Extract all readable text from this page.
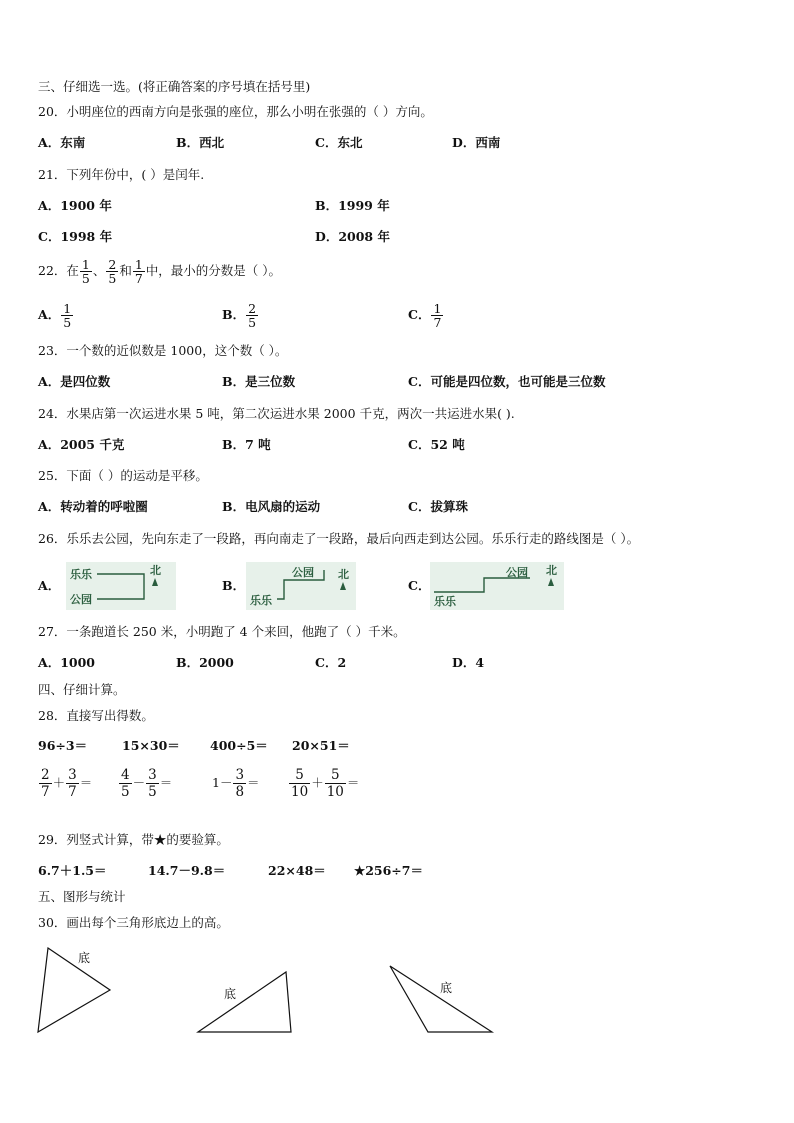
三、仔细选一选。(将正确答案的序号填在括号里)
20．小明座位的西南方向是张强的座位，那么小明在张强的（ ）方向。
A．东南	B．西北	C．东北	D．西南
21．下列年份中，( ）是闰年.
A．1900 年	B．1999 年
C．1998 年	D．2008 年
22．在 $\frac{1}{5}$ 、 $\frac{2}{5}$ 和 $\frac{1}{7}$ 中，最小的分数是（ ）。
A． $\frac{1}{5}$	B． $\frac{2}{5}$	C． $\frac{1}{7}$
23．一个数的近似数是 1000，这个数（ ）。
A．是四位数	B．是三位数	C．可能是四位数，也可能是三位数
24．水果店第一次运进水果 5 吨，第二次运进水果 2000 千克，两次一共运进水果( ).
A．2005 千克	B．7 吨	C．52 吨
25．下面（ ）的运动是平移。
A．转动着的呼啦圈	B．电风扇的运动	C．拔算珠
26．乐乐去公园，先向东走了一段路，再向南走了一段路，最后向西走到达公园。乐乐行走的路线图是（ ）。
A．	B．	C．
乐乐
公园
北
乐乐
公园 北
乐乐
公园 北
27．一条跑道长 250 米，小明跑了 4 个来回，他跑了（ ）千米。
A．1000	B．2000	C．2	D．4
四、仔细计算。
28．直接写出得数。
96÷3＝	15×30＝ 400÷5＝ 20×51＝
$\frac{2}{7} + \frac{3}{7} = \frac{4}{5} - \frac{3}{5}$ ＝	$1- \frac{3}{8} = \frac{5}{10} + \frac{5}{10}$ ＝
29．列竖式计算，带★的要验算。
6.7＋1.5＝	14.7－9.8＝	22×48＝ ★256÷7＝
五、图形与统计
30．画出每个三角形底边上的高。
底
底	底
